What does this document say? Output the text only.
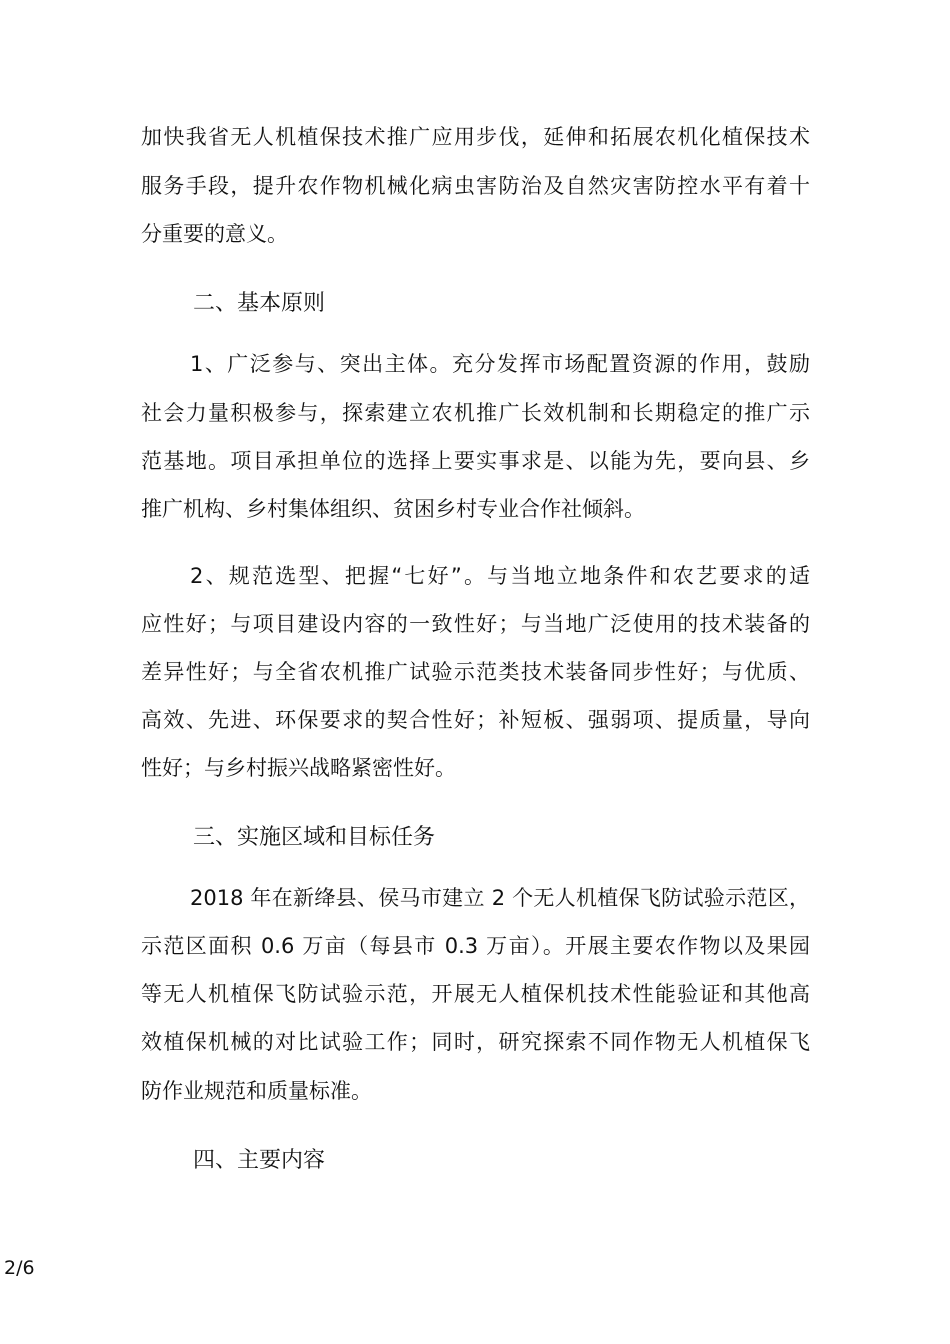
加快我省无人机植保技术推广应用步伐，延伸和拓展农机化植保技术
服务手段，提升农作物机械化病虫害防治及自然灾害防控水平有着十
分重要的意义。
二、基本原则
1、广泛参与、突出主体。充分发挥市场配置资源的作用，鼓励
社会力量积极参与，探索建立农机推广长效机制和长期稳定的推广示
范基地。项目承担单位的选择上要实事求是、以能为先，要向县、乡
推广机构、乡村集体组织、贫困乡村专业合作社倾斜。
2、规范选型、把握“七好”。与当地立地条件和农艺要求的适
应性好；与项目建设内容的一致性好；与当地广泛使用的技术装备的
差异性好；与全省农机推广试验示范类技术装备同步性好；与优质、
高效、先进、环保要求的契合性好；补短板、强弱项、提质量，导向
性好；与乡村振兴战略紧密性好。
三、实施区域和目标任务
2018 年在新绛县、侯马市建立 2 个无人机植保飞防试验示范区，
示范区面积 0.6 万亩（每县市 0.3 万亩）。开展主要农作物以及果园
等无人机植保飞防试验示范，开展无人植保机技术性能验证和其他高
效植保机械的对比试验工作；同时，研究探索不同作物无人机植保飞
防作业规范和质量标准。
四、主要内容
2/6
